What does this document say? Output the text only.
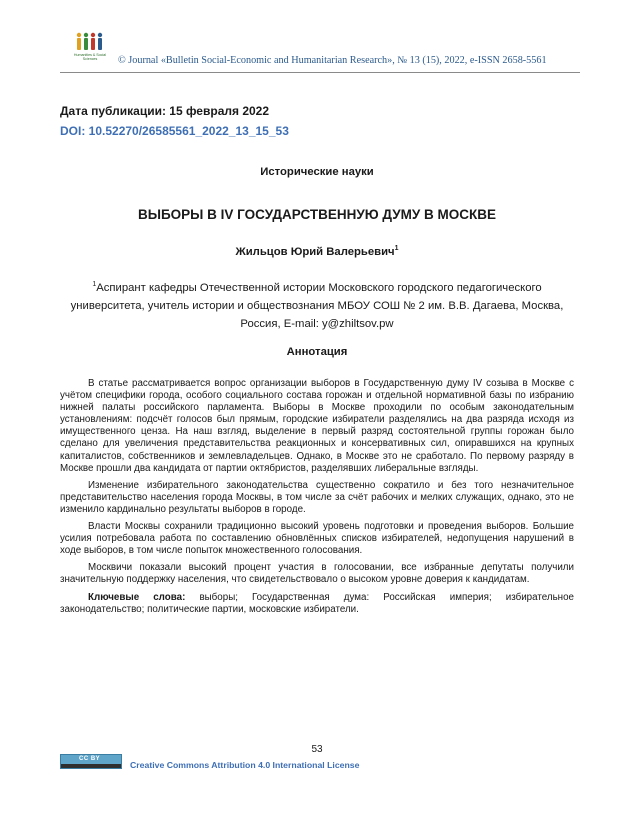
Humanities & Social Sciences	© Journal «Bulletin Social-Economic and Humanitarian Research», № 13 (15), 2022, e-ISSN 2658-5561
Дата публикации: 15 февраля 2022
DOI: 10.52270/26585561_2022_13_15_53
Исторические науки
ВЫБОРЫ В IV ГОСУДАРСТВЕННУЮ ДУМУ В МОСКВЕ
Жильцов Юрий Валерьевич$^1$
$^1$Аспирант кафедры Отечественной истории Московского городского педагогического университета, учитель истории и обществознания МБОУ СОШ № 2 им. В.В. Дагаева, Москва, Россия, E-mail: y@zhiltsov.pw
Аннотация

В статье рассматривается вопрос организации выборов в Государственную думу IV созыва в Москве с учётом специфики города, особого социального состава горожан и отдельной нормативной базы по избранию нижней палаты российского парламента. Выборы в Москве проходили по особым законодательным установлениям: подсчёт голосов был прямым, городские избиратели разделялись на два разряда исходя из имущественного ценза. На наш взгляд, выделение в первый разряд состоятельной группы горожан было сделано для увеличения представительства реакционных и консервативных сил, опиравшихся на крупных капиталистов, собственников и землевладельцев. Однако, в Москве это не сработало. По первому разряду в Москве прошли два кандидата от партии октябристов, разделявших либеральные взгляды.

Изменение избирательного законодательства существенно сократило и без того незначительное представительство населения города Москвы, в том числе за счёт рабочих и мелких служащих, однако, это не изменило кардинально результаты выборов в городе.

Власти Москвы сохранили традиционно высокий уровень подготовки и проведения выборов. Большие усилия потребовала работа по составлению обновлённых списков избирателей, недопущения нарушений в ходе выборов, в том числе попыток множественного голосования.

Москвичи показали высокий процент участия в голосовании, все избранные депутаты получили значительную поддержку населения, что свидетельствовало о высоком уровне доверия к кандидатам.

Ключевые слова: выборы; Государственная дума: Российская империя; избирательное законодательство; политические партии, московские избиратели.

53
CC BY
Creative Commons Attribution 4.0 International License
